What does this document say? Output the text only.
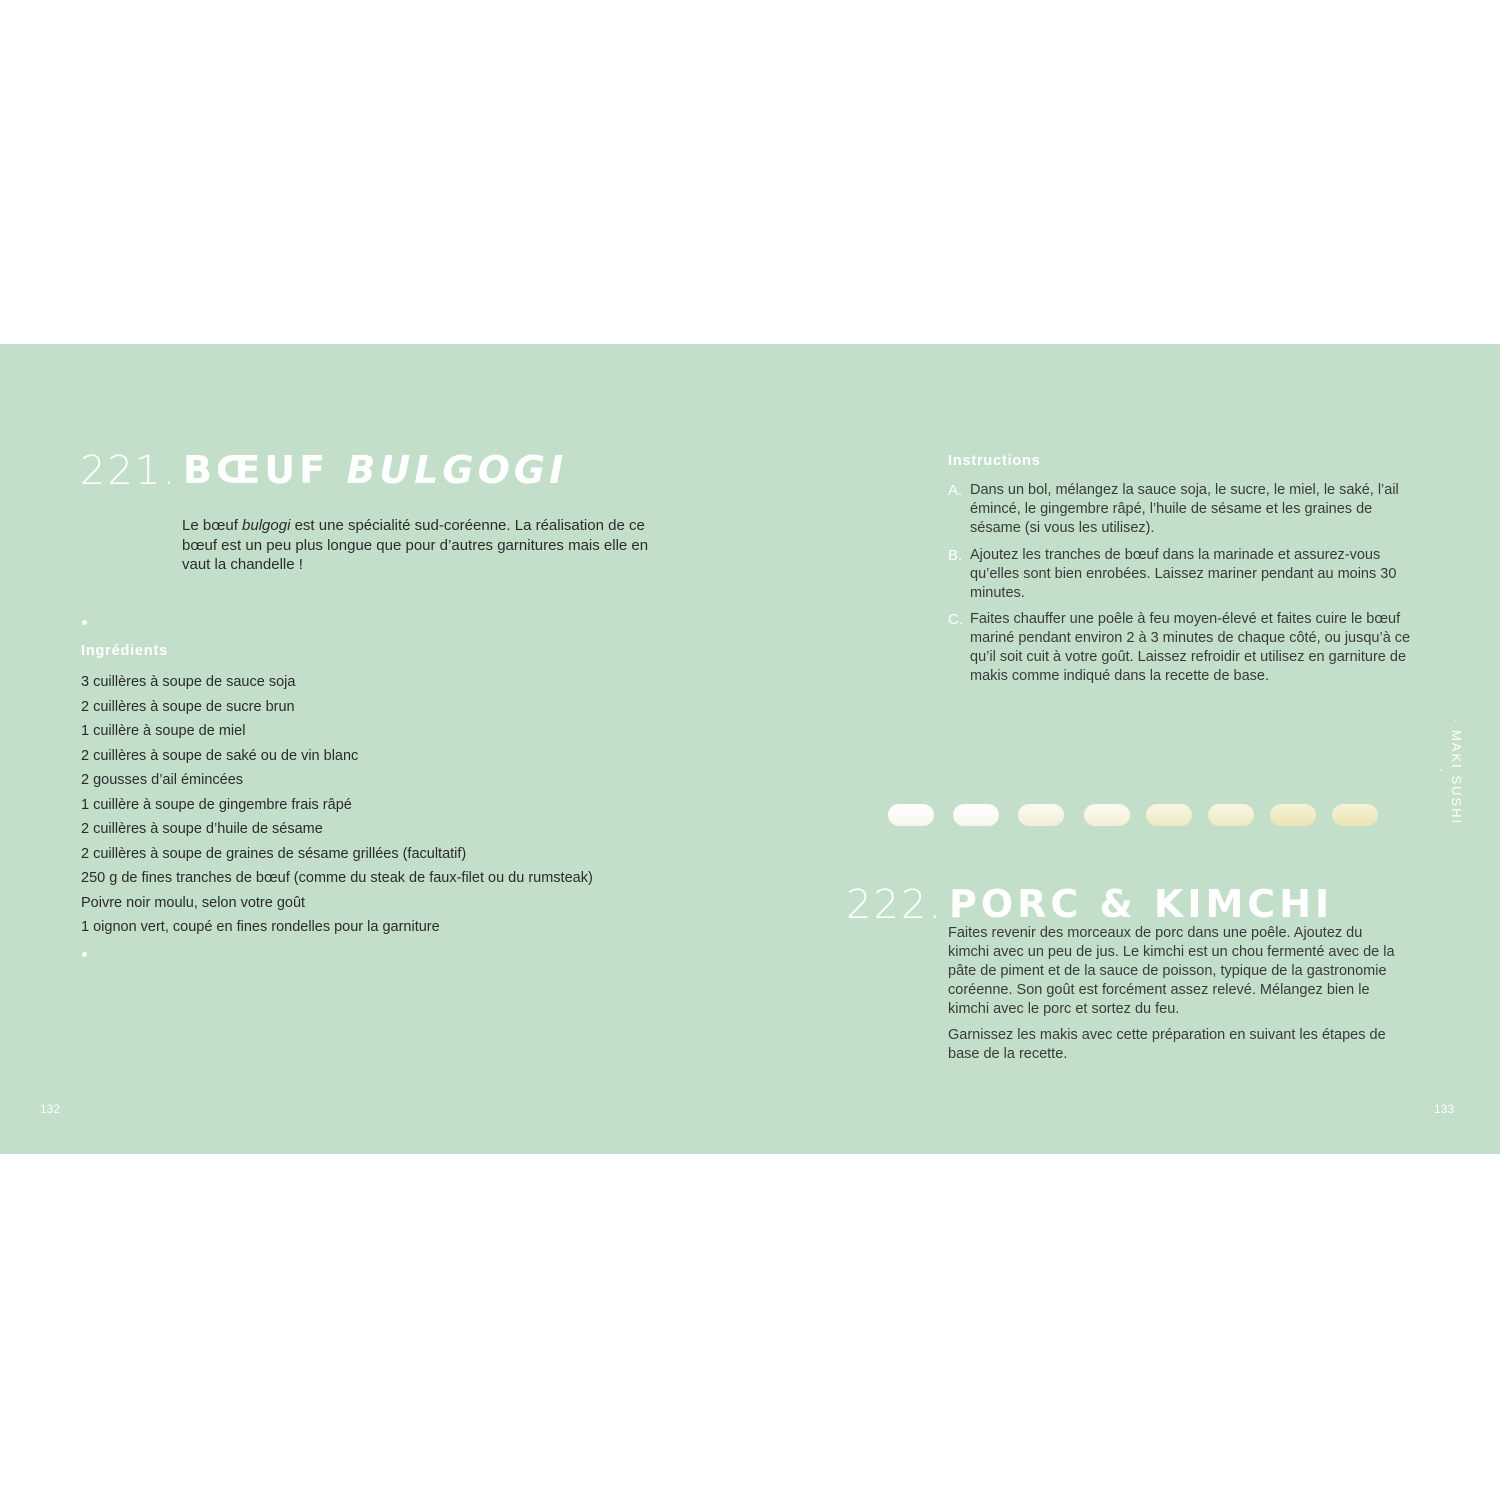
221. BŒUF BULGOGI
Le bœuf bulgogi est une spécialité sud-coréenne. La réalisation de ce bœuf est un peu plus longue que pour d’autres garnitures mais elle en vaut la chandelle !
Ingrédients
3 cuillères à soupe de sauce soja
2 cuillères à soupe de sucre brun
1 cuillère à soupe de miel
2 cuillères à soupe de saké ou de vin blanc
2 gousses d’ail émincées
1 cuillère à soupe de gingembre frais râpé
2 cuillères à soupe d’huile de sésame
2 cuillères à soupe de graines de sésame grillées (facultatif)
250 g de fines tranches de bœuf (comme du steak de faux-filet ou du rumsteak)
Poivre noir moulu, selon votre goût
1 oignon vert, coupé en fines rondelles pour la garniture
132
Instructions
A. Dans un bol, mélangez la sauce soja, le sucre, le miel, le saké, l’ail émincé, le gingembre râpé, l’huile de sésame et les graines de sésame (si vous les utilisez).
B. Ajoutez les tranches de bœuf dans la marinade et assurez-vous qu’elles sont bien enrobées. Laissez mariner pendant au moins 30 minutes.
C. Faites chauffer une poêle à feu moyen-élevé et faites cuire le bœuf mariné pendant environ 2 à 3 minutes de chaque côté, ou jusqu’à ce qu’il soit cuit à votre goût. Laissez refroidir et utilisez en garniture de makis comme indiqué dans la recette de base.
· MAKI SUSHI ·
222. PORC & KIMCHI

Faites revenir des morceaux de porc dans une poêle. Ajoutez du kimchi avec un peu de jus. Le kimchi est un chou fermenté avec de la pâte de piment et de la sauce de poisson, typique de la gastronomie coréenne. Son goût est forcément assez relevé. Mélangez bien le kimchi avec le porc et sortez du feu.

Garnissez les makis avec cette préparation en suivant les étapes de base de la recette.

133
